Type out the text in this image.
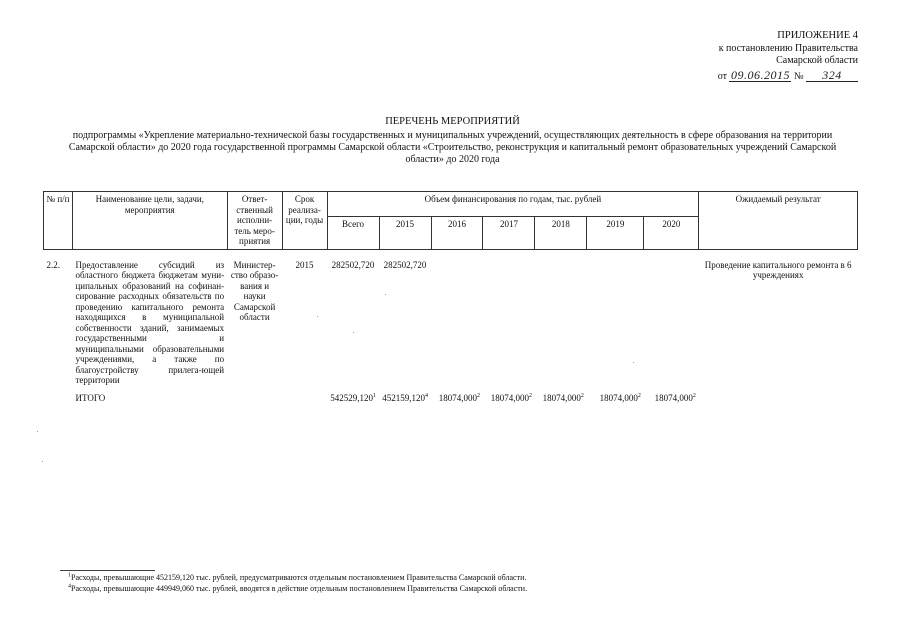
ПРИЛОЖЕНИЕ 4
к постановлению Правительства
Самарской области
от 09.06.2015 № 324
ПЕРЕЧЕНЬ МЕРОПРИЯТИЙ
подпрограммы «Укрепление материально-технической базы государственных и муниципальных учреждений, осуществляющих деятельность в сфере образования на территории Самарской области» до 2020 года государственной программы Самарской области «Строительство, реконструкция и капитальный ремонт образовательных учреждений Самарской области» до 2020 года
№ п/п	Наименование цели, задачи, мероприятия	Ответ-ственный исполни-тель меро-приятия	Срок реализа-ции, годы	Объем финансирования по годам, тыс. рублей							Ожидаемый результат
				Всего	2015	2016	2017	2018	2019	2020	
2.2.	Предоставление субсидий из областного бюджета бюджетам муни-ципальных образований на софинан-сирование расходных обязательств по проведению капитального ремонта находящихся в муниципальной собственности зданий, занимаемых государственными и муниципальными образовательными учреждениями, а также по благоустройству прилега-ющей территории	Министер-ство образо-вания и науки Самарской области	2015	282502,720	282502,720						Проведение капитального ремонта в 6 учреждениях
	ИТОГО			542529,120$^1$	452159,120$^4$	18074,000$^2$	18074,000$^2$	18074,000$^2$	18074,000$^2$	18074,000$^2$	
$^1$Расходы, превышающие 452159,120 тыс. рублей, предусматриваются отдельным постановлением Правительства Самарской области.
$^4$Расходы, превышающие 449949,060 тыс. рублей, вводятся в действие отдельным постановлением Правительства Самарской области.
